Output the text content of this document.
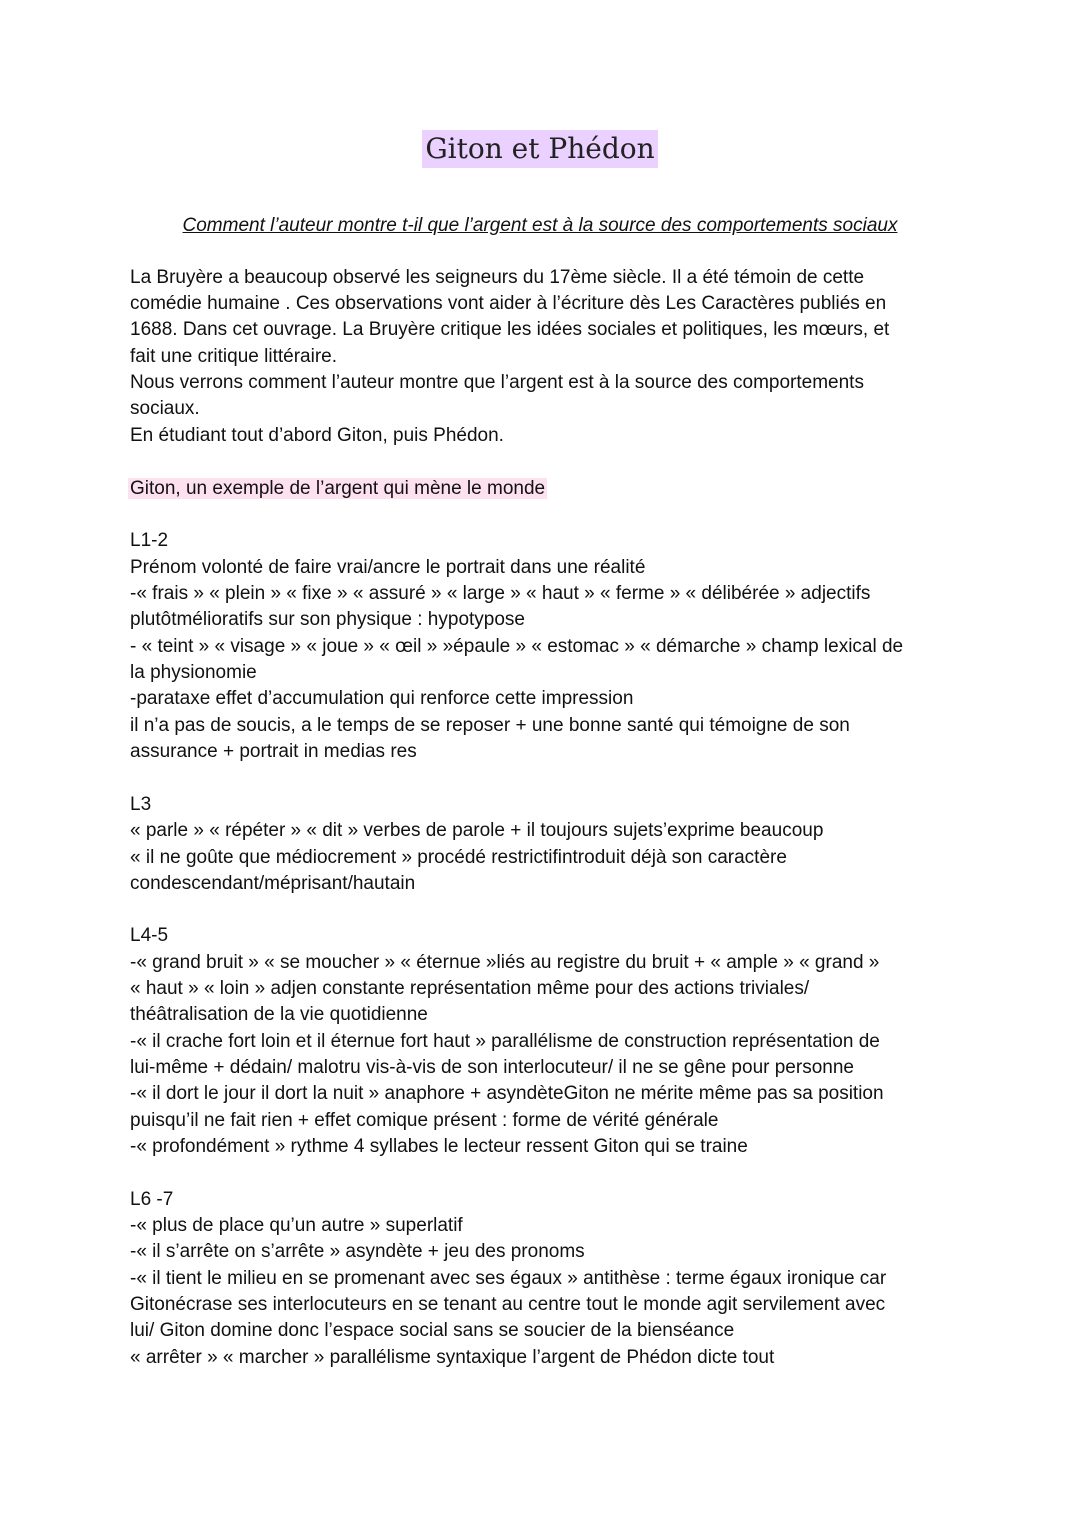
Giton et Phédon
Comment l’auteur montre t-il que l’argent est à la source des comportements sociaux
La Bruyère a beaucoup observé les seigneurs du 17ème siècle. Il a été témoin de cette
comédie humaine . Ces observations vont aider à l’écriture dès Les Caractères publiés en
1688. Dans cet ouvrage. La Bruyère critique les idées sociales et politiques, les mœurs, et
fait une critique littéraire.
Nous verrons comment l’auteur montre que l’argent est à la source des comportements
sociaux.
En étudiant tout d’abord Giton, puis Phédon.
Giton, un exemple de l’argent qui mène le monde
L1-2
Prénom volonté de faire vrai/ancre le portrait dans une réalité
-« frais » « plein » « fixe » « assuré » « large » « haut » « ferme » « délibérée » adjectifs
plutôtmélioratifs sur son physique : hypotypose
- « teint » « visage » « joue » « œil » »épaule » « estomac » « démarche » champ lexical de
la physionomie
-parataxe effet d’accumulation qui renforce cette impression
il n’a pas de soucis, a le temps de se reposer + une bonne santé qui témoigne de son
assurance + portrait in medias res
L3
« parle » « répéter » « dit » verbes de parole + il toujours sujets’exprime beaucoup
« il ne goûte que médiocrement » procédé restrictifintroduit déjà son caractère
condescendant/méprisant/hautain
L4-5
-« grand bruit » « se moucher » « éternue »liés au registre du bruit + « ample » « grand »
« haut » « loin » adjen constante représentation même pour des actions triviales/
théâtralisation de la vie quotidienne
-« il crache fort loin et il éternue fort haut » parallélisme de construction représentation de
lui-même + dédain/ malotru vis-à-vis de son interlocuteur/ il ne se gêne pour personne
-« il dort le jour il dort la nuit » anaphore + asyndèteGiton ne mérite même pas sa position
puisqu’il ne fait rien + effet comique présent : forme de vérité générale
-« profondément » rythme 4 syllabes le lecteur ressent Giton qui se traine
L6 -7
-« plus de place qu’un autre » superlatif
-« il s’arrête on s’arrête » asyndète + jeu des pronoms
-« il tient le milieu en se promenant avec ses égaux » antithèse : terme égaux ironique car
Gitonécrase ses interlocuteurs en se tenant au centre tout le monde agit servilement avec
lui/ Giton domine donc l’espace social sans se soucier de la bienséance
« arrêter » « marcher » parallélisme syntaxique l’argent de Phédon dicte tout
